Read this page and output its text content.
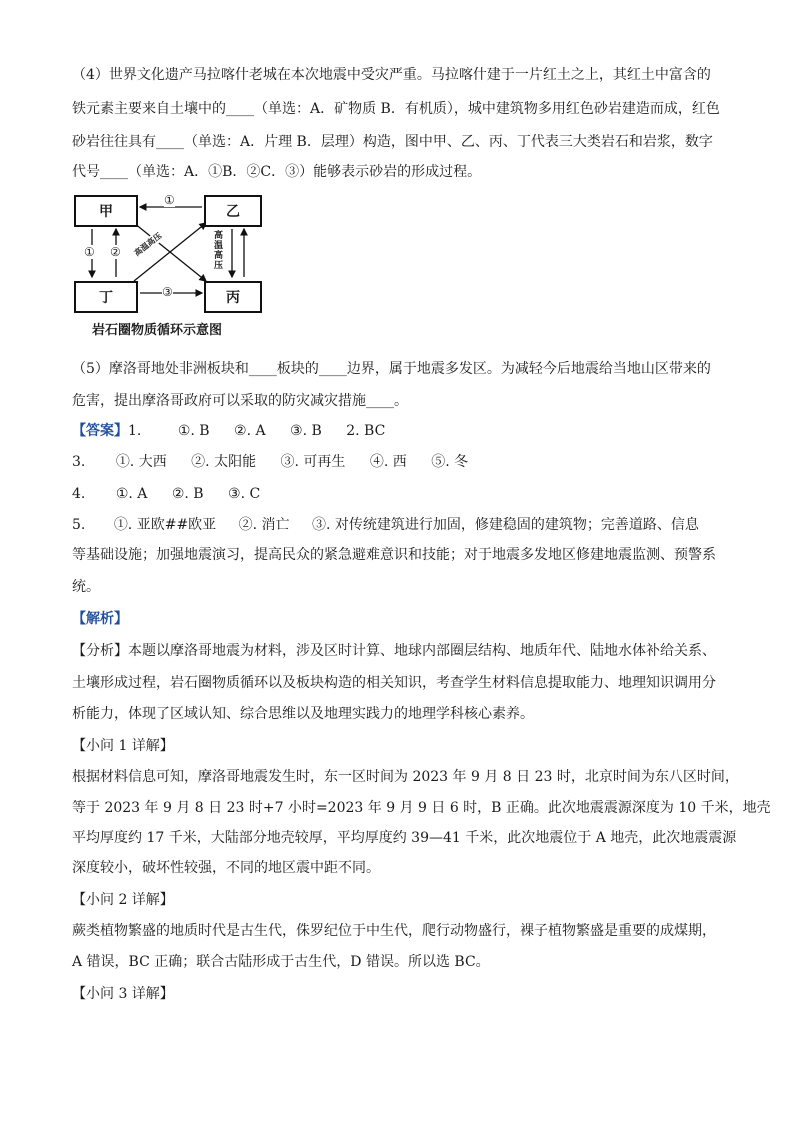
（4）世界文化遗产马拉喀什老城在本次地震中受灾严重。马拉喀什建于一片红土之上，其红土中富含的
铁元素主要来自土壤中的____（单选：A．矿物质 B．有机质），城中建筑物多用红色砂岩建造而成，红色
砂岩往往具有____（单选：A．片理 B．层理）构造，图中甲、乙、丙、丁代表三大类岩石和岩浆，数字
代号____（单选：A．①B．②C．③）能够表示砂岩的形成过程。
甲	乙
丁	丙
①
① ②
③
高温高压	高温高压
岩石圈物质循环示意图
（5）摩洛哥地处非洲板块和____板块的____边界，属于地震多发区。为减轻今后地震给当地山区带来的
危害，提出摩洛哥政府可以采取的防灾减灾措施____。
【答案】1.	①. B ②. A ③. B 2. BC
3. ①. 大西 ②. 太阳能 ③. 可再生 ④. 西 ⑤. 冬
4. ①. A ②. B ③. C
5. ①. 亚欧##欧亚 ②. 消亡 ③. 对传统建筑进行加固，修建稳固的建筑物；完善道路、信息
等基础设施；加强地震演习，提高民众的紧急避难意识和技能；对于地震多发地区修建地震监测、预警系
统。
【解析】
【分析】本题以摩洛哥地震为材料，涉及区时计算、地球内部圈层结构、地质年代、陆地水体补给关系、
土壤形成过程，岩石圈物质循环以及板块构造的相关知识，考查学生材料信息提取能力、地理知识调用分
析能力，体现了区域认知、综合思维以及地理实践力的地理学科核心素养。
【小问 1 详解】
根据材料信息可知，摩洛哥地震发生时，东一区时间为 2023 年 9 月 8 日 23 时，北京时间为东八区时间，
等于 2023 年 9 月 8 日 23 时+7 小时=2023 年 9 月 9 日 6 时，B 正确。此次地震震源深度为 10 千米，地壳
平均厚度约 17 千米，大陆部分地壳较厚，平均厚度约 39—41 千米，此次地震位于 A 地壳，此次地震震源
深度较小，破坏性较强，不同的地区震中距不同。
【小问 2 详解】
蕨类植物繁盛的地质时代是古生代，侏罗纪位于中生代，爬行动物盛行，裸子植物繁盛是重要的成煤期，
A 错误，BC 正确；联合古陆形成于古生代，D 错误。所以选 BC。
【小问 3 详解】
